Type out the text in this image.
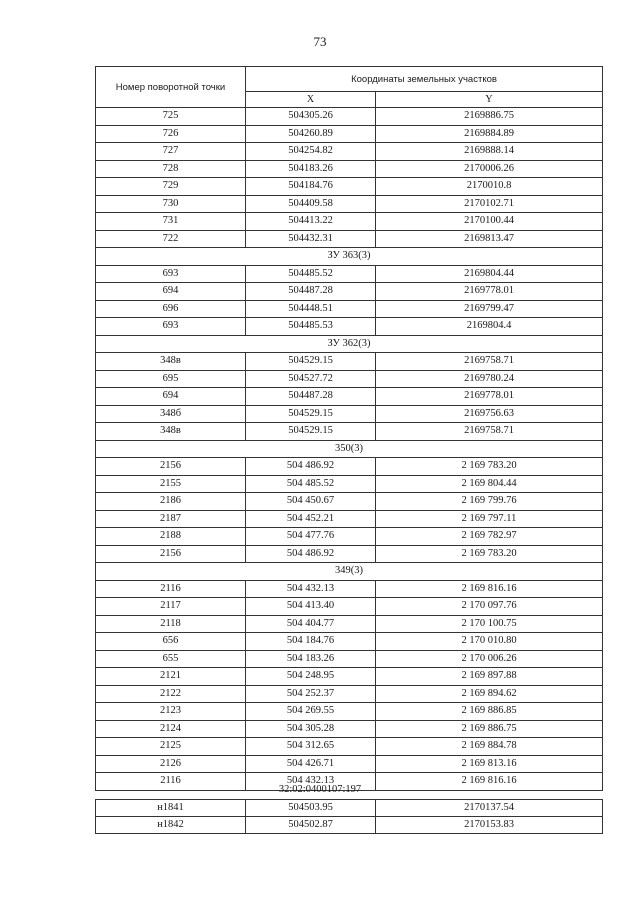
73
Номер поворотной точки	Координаты земельных участков	
	X	Y
725	504305.26	2169886.75
726	504260.89	2169884.89
727	504254.82	2169888.14
728	504183.26	2170006.26
729	504184.76	2170010.8
730	504409.58	2170102.71
731	504413.22	2170100.44
722	504432.31	2169813.47
ЗУ 363(3)		
693	504485.52	2169804.44
694	504487.28	2169778.01
696	504448.51	2169799.47
693	504485.53	2169804.4
ЗУ 362(3)		
348в	504529.15	2169758.71
695	504527.72	2169780.24
694	504487.28	2169778.01
348б	504529.15	2169756.63
348в	504529.15	2169758.71
350(3)		
2156	504 486.92	2 169 783.20
2155	504 485.52	2 169 804.44
2186	504 450.67	2 169 799.76
2187	504 452.21	2 169 797.11
2188	504 477.76	2 169 782.97
2156	504 486.92	2 169 783.20
349(3)		
2116	504 432.13	2 169 816.16
2117	504 413.40	2 170 097.76
2118	504 404.77	2 170 100.75
656	504 184.76	2 170 010.80
655	504 183.26	2 170 006.26
2121	504 248.95	2 169 897.88
2122	504 252.37	2 169 894.62
2123	504 269.55	2 169 886.85
2124	504 305.28	2 169 886.75
2125	504 312.65	2 169 884.78
2126	504 426.71	2 169 813.16
2116	504 432.13	2 169 816.16
32:02:0400107:197
н1841	504503.95	2170137.54
н1842	504502.87	2170153.83
